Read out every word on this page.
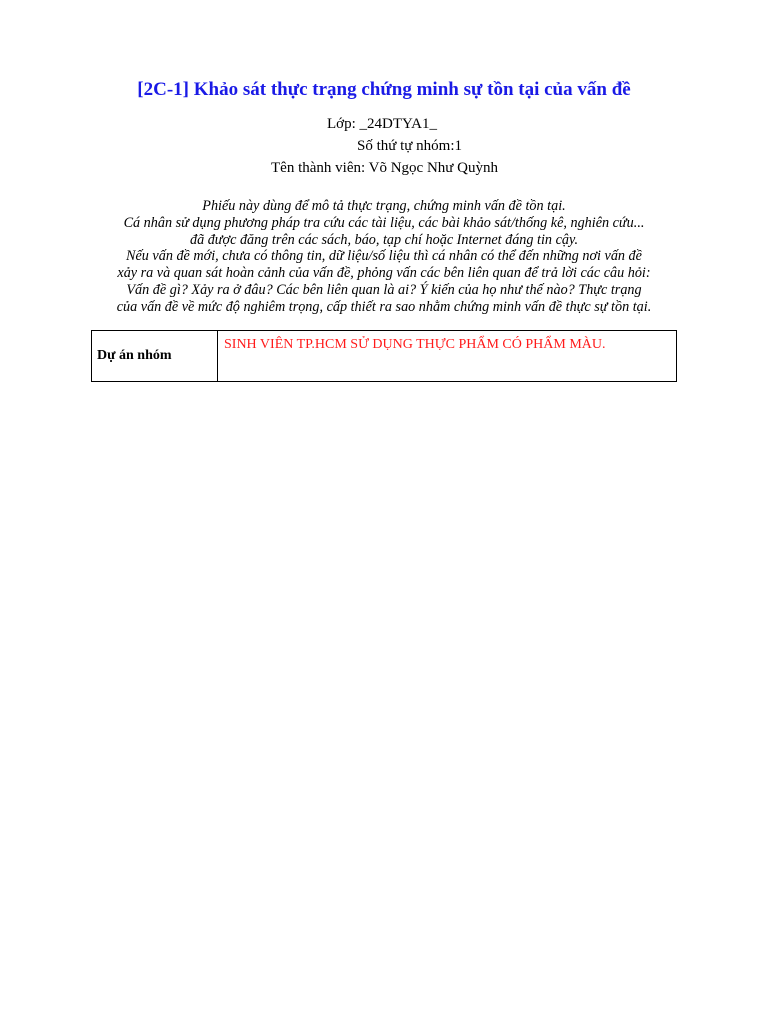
[2C-1] Khảo sát thực trạng chứng minh sự tồn tại của vấn đề
Lớp: _24DTYA1_
Số thứ tự nhóm:1
Tên thành viên: Võ Ngọc Như Quỳnh
Phiếu này dùng để mô tả thực trạng, chứng minh vấn đề tồn tại.
Cá nhân sử dụng phương pháp tra cứu các tài liệu, các bài khảo sát/thống kê, nghiên cứu...
đã được đăng trên các sách, báo, tạp chí hoặc Internet đáng tin cậy.
Nếu vấn đề mới, chưa có thông tin, dữ liệu/số liệu thì cá nhân có thể đến những nơi vấn đề
xảy ra và quan sát hoàn cảnh của vấn đề, phỏng vấn các bên liên quan để trả lời các câu hỏi:
Vấn đề gì? Xảy ra ở đâu? Các bên liên quan là ai? Ý kiến của họ như thế nào? Thực trạng
của vấn đề về mức độ nghiêm trọng, cấp thiết ra sao nhằm chứng minh vấn đề thực sự tồn tại.
Dự án nhóm	SINH VIÊN TP.HCM SỬ DỤNG THỰC PHẨM CÓ PHẨM MÀU.
